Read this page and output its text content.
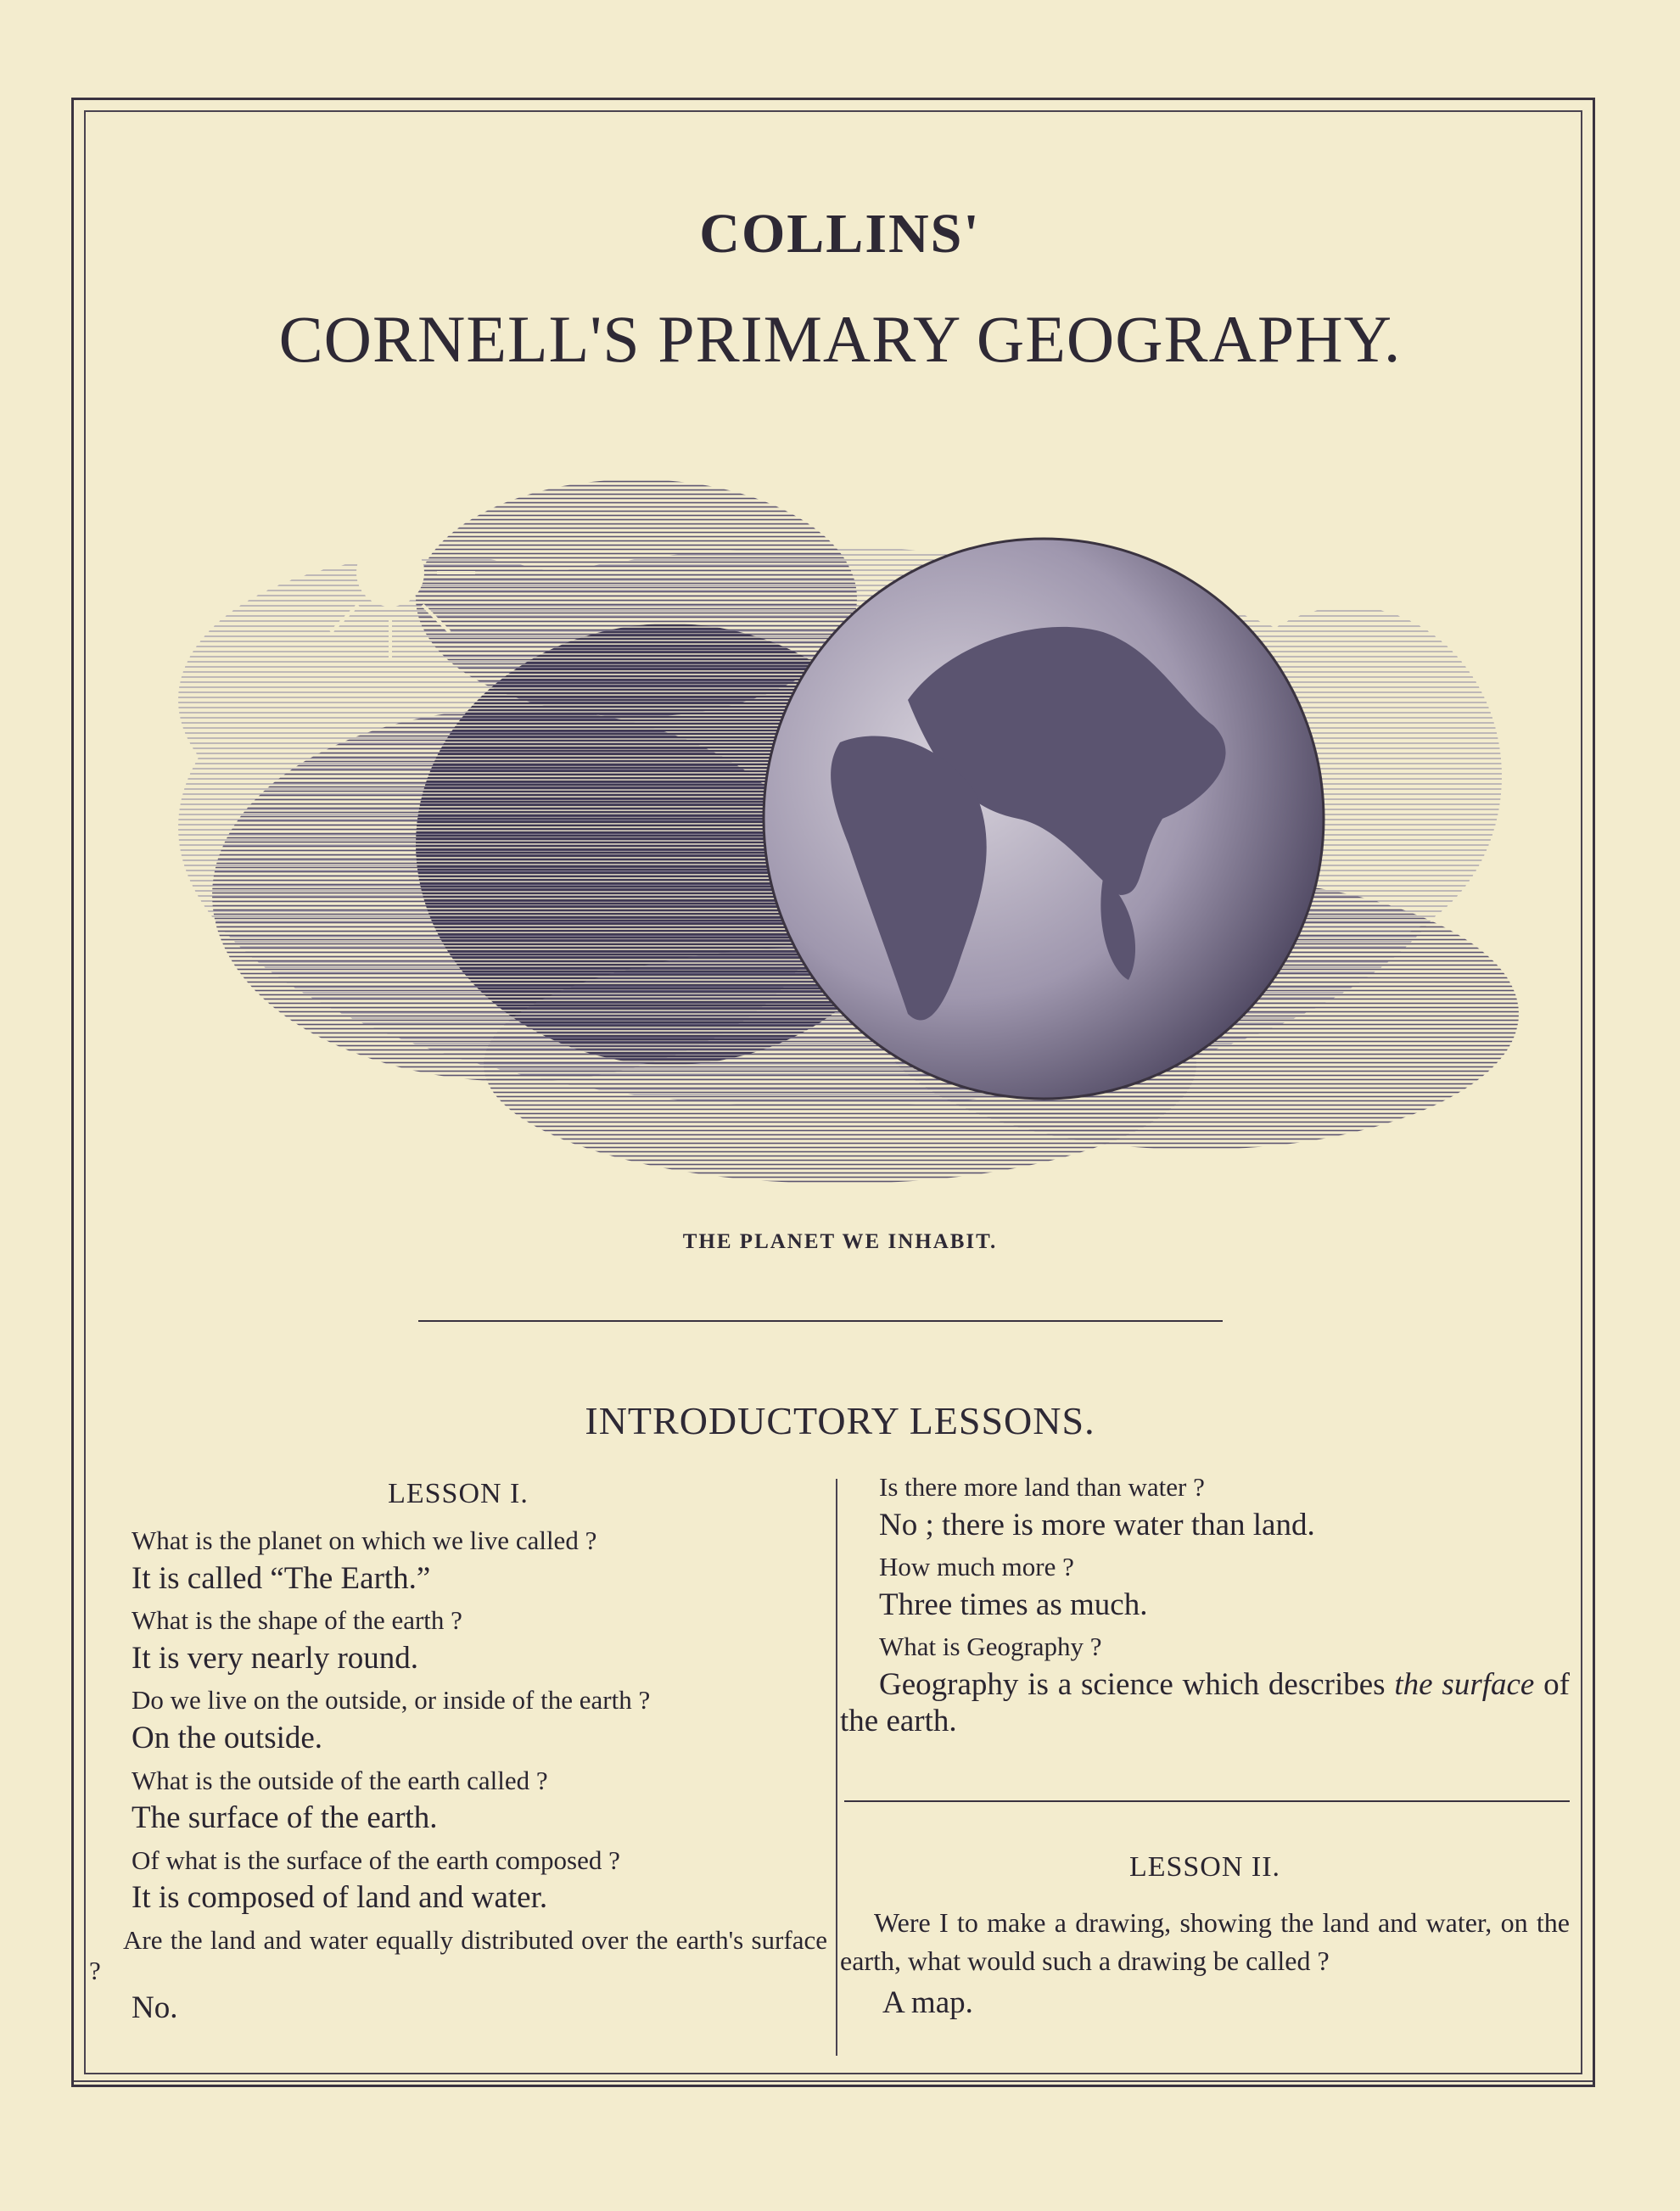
COLLINS'
CORNELL'S PRIMARY GEOGRAPHY.
THE PLANET WE INHABIT.
INTRODUCTORY LESSONS.
LESSON I.
What is the planet on which we live called ?
It is called “The Earth.”
What is the shape of the earth ?
It is very nearly round.
Do we live on the outside, or inside of the earth ?
On the outside.
What is the outside of the earth called ?
The surface of the earth.
Of what is the surface of the earth composed ?
It is composed of land and water.
Are the land and water equally distributed over the earth's surface ?
No.
Is there more land than water ?
No ; there is more water than land.
How much more ?
Three times as much.
What is Geography ?
Geography is a science which describes the surface of the earth.
LESSON II.
Were I to make a drawing, showing the land and water, on the earth, what would such a drawing be called ?
A map.
